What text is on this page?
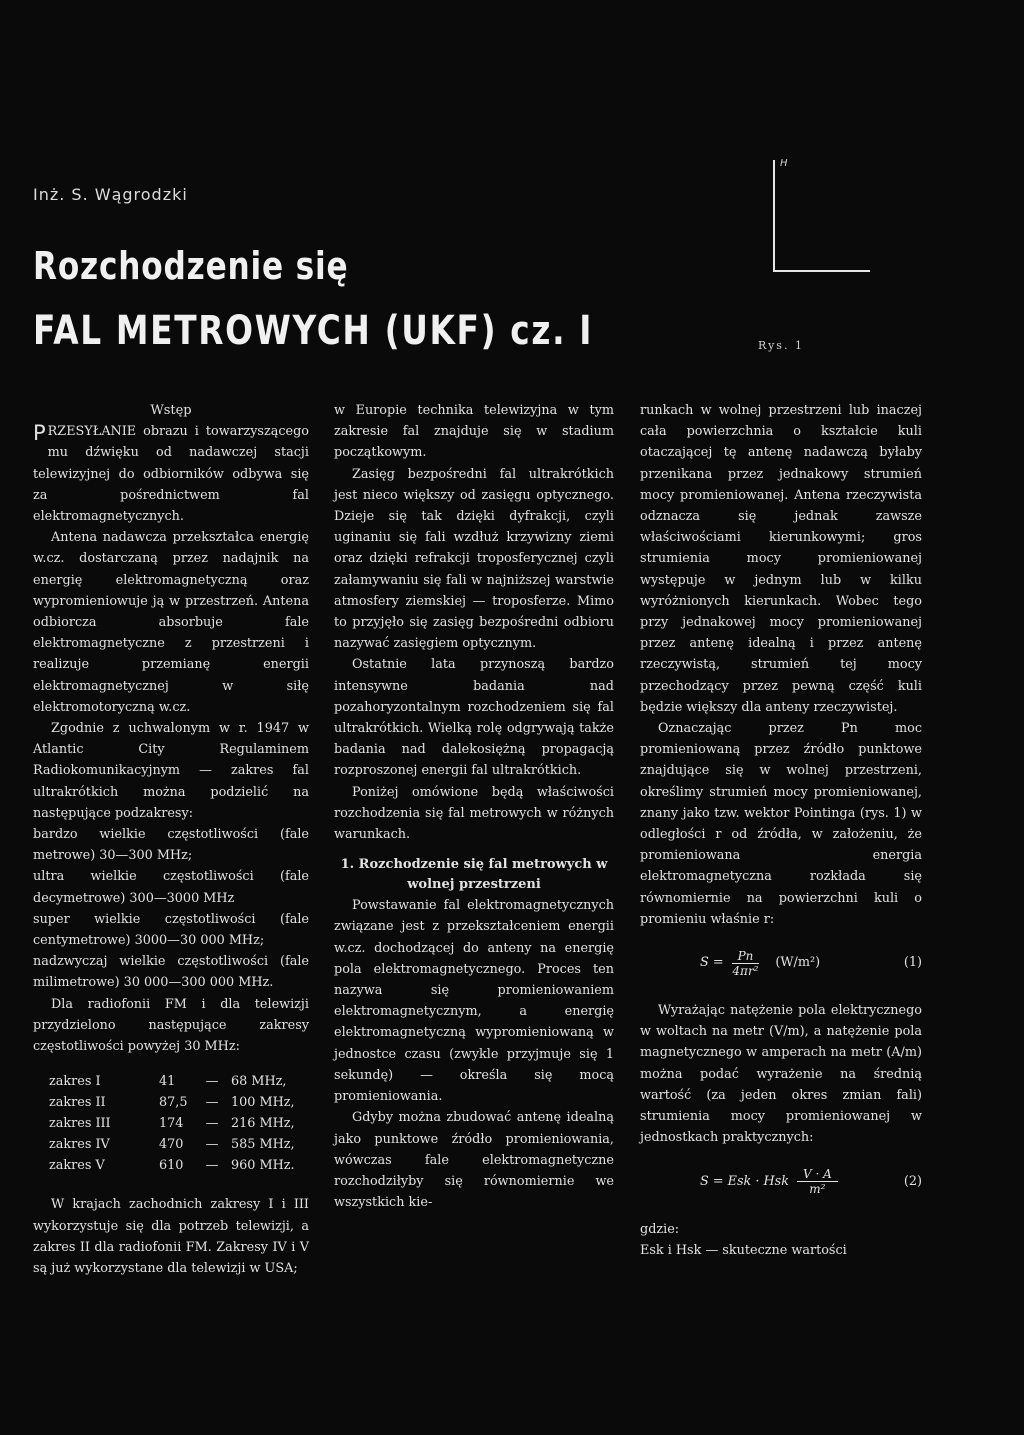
Inż. S. Wągrodzki
Rozchodzenie się
FAL METROWYCH (UKF) cz. I
H
Rys. 1

Wstęp

PRZESYŁANIE obrazu i towarzyszącego mu dźwięku od nadawczej stacji telewizyjnej do odbiorników odbywa się za pośrednictwem fal elektromagnetycznych.

Antena nadawcza przekształca energię w.cz. dostarczaną przez nadajnik na energię elektromagnetyczną oraz wypromieniowuje ją w przestrzeń. Antena odbiorcza absorbuje fale elektromagnetyczne z przestrzeni i realizuje przemianę energii elektromagnetycznej w siłę elektromotoryczną w.cz.

Zgodnie z uchwalonym w r. 1947 w Atlantic City Regulaminem Radiokomunikacyjnym — zakres fal ultrakrótkich można podzielić na następujące podzakresy:

bardzo wielkie częstotliwości (fale metrowe) 30—300 MHz;

ultra wielkie częstotliwości (fale decymetrowe) 300—3000 MHz

super wielkie częstotliwości (fale centymetrowe) 3000—30 000 MHz;

nadzwyczaj wielkie częstotliwości (fale milimetrowe) 30 000—300 000 MHz.

Dla radiofonii FM i dla telewizji przydzielono następujące zakresy częstotliwości powyżej 30 MHz:

zakres I	41	—	68 MHz,
zakres II	87,5	—	100 MHz,
zakres III	174	—	216 MHz,
zakres IV	470	—	585 MHz,
zakres V	610	—	960 MHz.

W krajach zachodnich zakresy I i III wykorzystuje się dla potrzeb telewizji, a zakres II dla radiofonii FM. Zakresy IV i V są już wykorzystane dla telewizji w USA;

w Europie technika telewizyjna w tym zakresie fal znajduje się w stadium początkowym.

Zasięg bezpośredni fal ultrakrótkich jest nieco większy od zasięgu optycznego. Dzieje się tak dzięki dyfrakcji, czyli uginaniu się fali wzdłuż krzywizny ziemi oraz dzięki refrakcji troposferycznej czyli załamywaniu się fali w najniższej warstwie atmosfery ziemskiej — troposferze. Mimo to przyjęło się zasięg bezpośredni odbioru nazywać zasięgiem optycznym.

Ostatnie lata przynoszą bardzo intensywne badania nad pozahoryzontalnym rozchodzeniem się fal ultrakrótkich. Wielką rolę odgrywają także badania nad dalekosiężną propagacją rozproszonej energii fal ultrakrótkich.

Poniżej omówione będą właściwości rozchodzenia się fal metrowych w różnych warunkach.

1. Rozchodzenie się fal metrowych w wolnej przestrzeni

Powstawanie fal elektromagnetycznych związane jest z przekształceniem energii w.cz. dochodzącej do anteny na energię pola elektromagnetycznego. Proces ten nazywa się promieniowaniem elektromagnetycznym, a energię elektromagnetyczną wypromieniowaną w jednostce czasu (zwykle przyjmuje się 1 sekundę) — określa się mocą promieniowania.

Gdyby można zbudować antenę idealną jako punktowe źródło promieniowania, wówczas fale elektromagnetyczne rozchodziłyby się równomiernie we wszystkich kie-

runkach w wolnej przestrzeni lub inaczej cała powierzchnia o kształcie kuli otaczającej tę antenę nadawczą byłaby przenikana przez jednakowy strumień mocy promieniowanej. Antena rzeczywista odznacza się jednak zawsze właściwościami kierunkowymi; gros strumienia mocy promieniowanej występuje w jednym lub w kilku wyróżnionych kierunkach. Wobec tego przy jednakowej mocy promieniowanej przez antenę idealną i przez antenę rzeczywistą, strumień tej mocy przechodzący przez pewną część kuli będzie większy dla anteny rzeczywistej.

Oznaczając przez Pn moc promieniowaną przez źródło punktowe znajdujące się w wolnej przestrzeni, określimy strumień mocy promieniowanej, znany jako tzw. wektor Pointinga (rys. 1) w odległości r od źródła, w założeniu, że promieniowana energia elektromagnetyczna rozkłada się równomiernie na powierzchni kuli o promieniu właśnie r:

$S = \frac{Pn}{\text{4πr²}}$	(W/m²)	(1)

Wyrażając natężenie pola elektrycznego w woltach na metr (V/m), a natężenie pola magnetycznego w amperach na metr (A/m) można podać wyrażenie na średnią wartość (za jeden okres zmian fali) strumienia mocy promieniowanej w jednostkach praktycznych:

S = Esk · Hsk $\frac{V \cdot A}{\text{m²}}$	(2)

gdzie:

Esk i Hsk — skuteczne wartości
